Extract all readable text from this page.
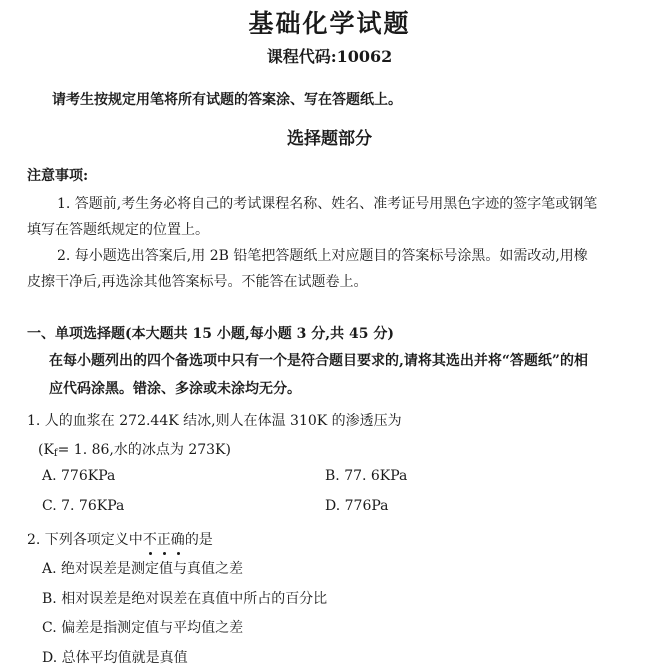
基础化学试题
课程代码:10062
请考生按规定用笔将所有试题的答案涂、写在答题纸上。
选择题部分
注意事项:
1. 答题前,考生务必将自己的考试课程名称、姓名、准考证号用黑色字迹的签字笔或钢笔
填写在答题纸规定的位置上。
2. 每小题选出答案后,用 2B 铅笔把答题纸上对应题目的答案标号涂黑。如需改动,用橡
皮擦干净后,再选涂其他答案标号。不能答在试题卷上。
一、单项选择题(本大题共 15 小题,每小题 3 分,共 45 分)
在每小题列出的四个备选项中只有一个是符合题目要求的,请将其选出并将“答题纸”的相
应代码涂黑。错涂、多涂或未涂均无分。
1. 人的血浆在 272.44K 结冰,则人在体温 310K 的渗透压为
($K_f= 1$. 86,水的冰点为 273K)
A. 776KPa	B. 77. 6KPa
C. 7. 76KPa	D. 776Pa
2. 下列各项定义中不正确
的是
A. 绝对误差是测定值与真值之差
B. 相对误差是绝对误差在真值中所占的百分比
C. 偏差是指测定值与平均值之差
D. 总体平均值就是真值
